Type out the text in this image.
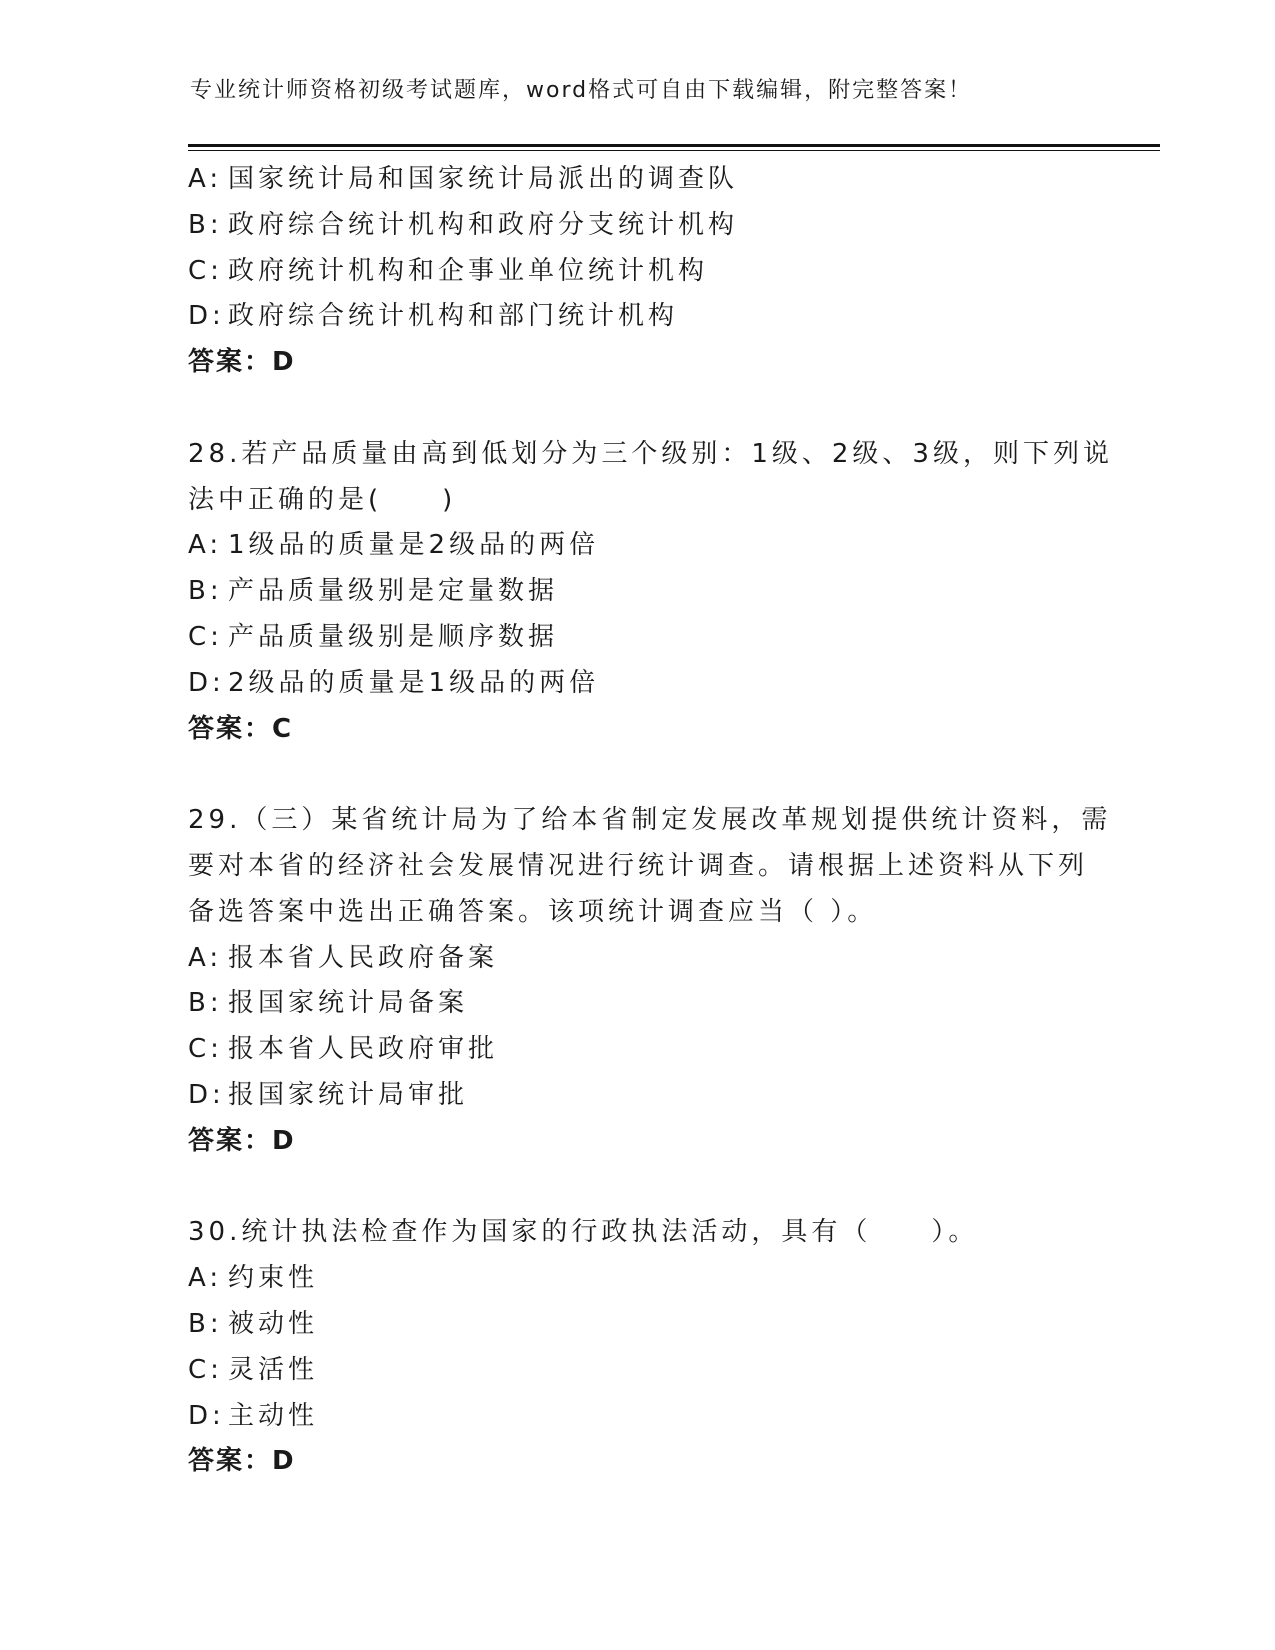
专业统计师资格初级考试题库，word格式可自由下载编辑，附完整答案！
A: 国家统计局和国家统计局派出的调查队
B: 政府综合统计机构和政府分支统计机构
C: 政府统计机构和企事业单位统计机构
D: 政府综合统计机构和部门统计机构
答案：D
28.若产品质量由高到低划分为三个级别：1级、2级、3级，则下列说
法中正确的是(　　)
A: 1级品的质量是2级品的两倍
B: 产品质量级别是定量数据
C: 产品质量级别是顺序数据
D: 2级品的质量是1级品的两倍
答案：C
29.（三）某省统计局为了给本省制定发展改革规划提供统计资料，需
要对本省的经济社会发展情况进行统计调查。请根据上述资料从下列
备选答案中选出正确答案。该项统计调查应当（ ）。
A: 报本省人民政府备案
B: 报国家统计局备案
C: 报本省人民政府审批
D: 报国家统计局审批
答案：D
30.统计执法检查作为国家的行政执法活动，具有（　　）。
A: 约束性
B: 被动性
C: 灵活性
D: 主动性
答案：D
